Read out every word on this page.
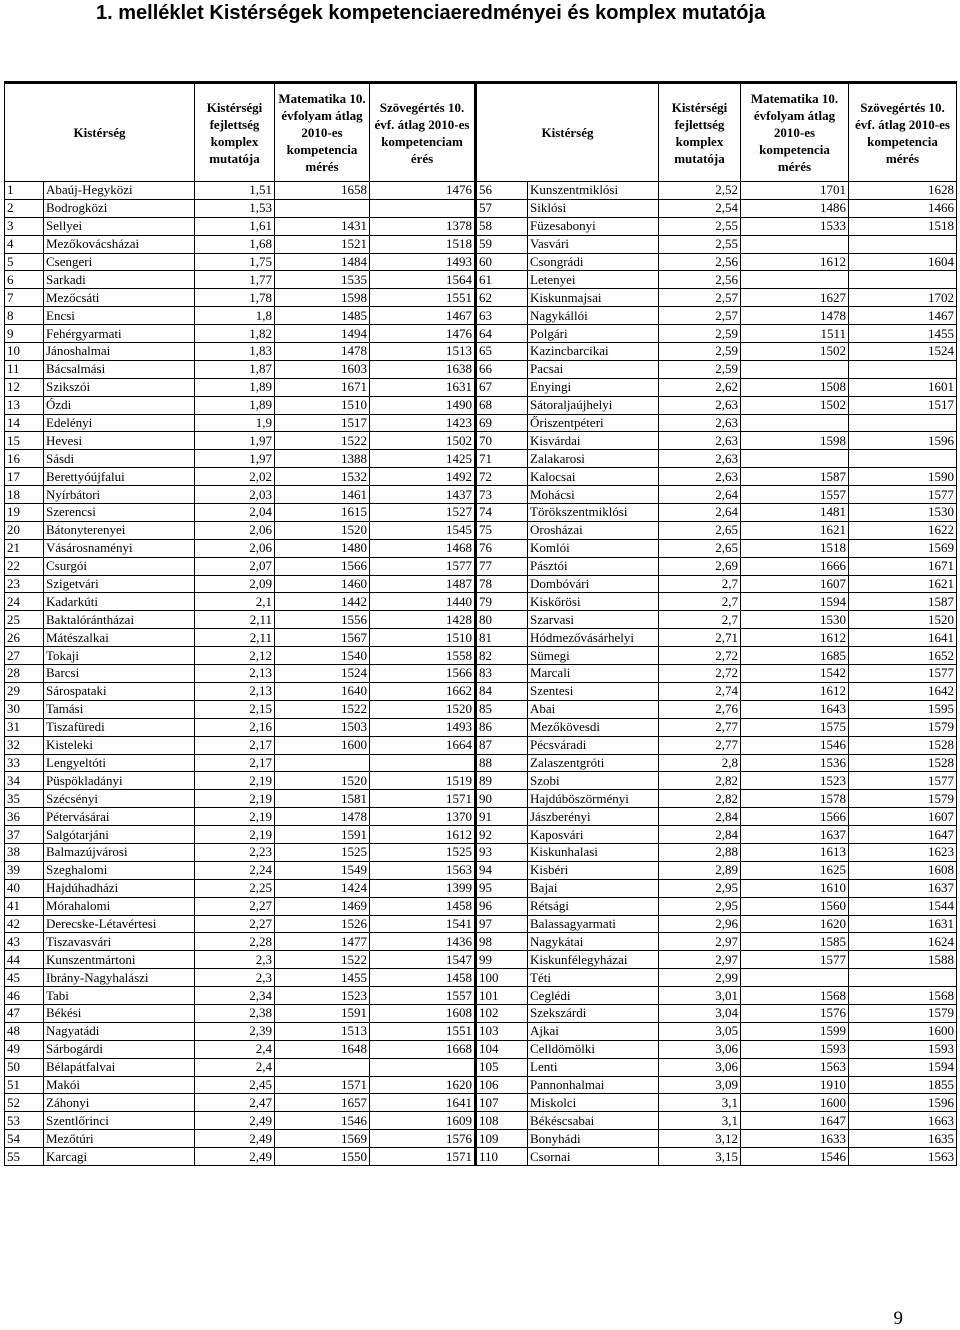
1. melléklet Kistérségek kompetenciaeredményei és komplex mutatója
Kistérség		Kistérségi fejlettség komplex mutatója	Matematika 10. évfolyam átlag 2010-es kompetencia mérés	Szövegértés 10. évf. átlag 2010-es kompetenciam érés	Kistérség		Kistérségi fejlettség komplex mutatója	Matematika 10. évfolyam átlag 2010-es kompetencia mérés	Szövegértés 10. évf. átlag 2010-es kompetencia mérés
1	Abaúj-Hegyközi	1,51	1658	1476	56	Kunszentmiklósi	2,52	1701	1628
2	Bodrogközi	1,53			57	Siklósi	2,54	1486	1466
3	Sellyei	1,61	1431	1378	58	Füzesabonyi	2,55	1533	1518
4	Mezőkovácsházai	1,68	1521	1518	59	Vasvári	2,55		
5	Csengeri	1,75	1484	1493	60	Csongrádi	2,56	1612	1604
6	Sarkadi	1,77	1535	1564	61	Letenyei	2,56		
7	Mezőcsáti	1,78	1598	1551	62	Kiskunmajsai	2,57	1627	1702
8	Encsi	1,8	1485	1467	63	Nagykállói	2,57	1478	1467
9	Fehérgyarmati	1,82	1494	1476	64	Polgári	2,59	1511	1455
10	Jánoshalmai	1,83	1478	1513	65	Kazincbarcikai	2,59	1502	1524
11	Bácsalmási	1,87	1603	1638	66	Pacsai	2,59		
12	Szikszói	1,89	1671	1631	67	Enyingi	2,62	1508	1601
13	Ózdi	1,89	1510	1490	68	Sátoraljaújhelyi	2,63	1502	1517
14	Edelényi	1,9	1517	1423	69	Őriszentpéteri	2,63		
15	Hevesi	1,97	1522	1502	70	Kisvárdai	2,63	1598	1596
16	Sásdi	1,97	1388	1425	71	Zalakarosi	2,63		
17	Berettyóújfalui	2,02	1532	1492	72	Kalocsai	2,63	1587	1590
18	Nyírbátori	2,03	1461	1437	73	Mohácsi	2,64	1557	1577
19	Szerencsi	2,04	1615	1527	74	Törökszentmiklósi	2,64	1481	1530
20	Bátonyterenyei	2,06	1520	1545	75	Orosházai	2,65	1621	1622
21	Vásárosnaményi	2,06	1480	1468	76	Komlói	2,65	1518	1569
22	Csurgói	2,07	1566	1577	77	Pásztói	2,69	1666	1671
23	Szigetvári	2,09	1460	1487	78	Dombóvári	2,7	1607	1621
24	Kadarkúti	2,1	1442	1440	79	Kiskőrösi	2,7	1594	1587
25	Baktalórántházai	2,11	1556	1428	80	Szarvasi	2,7	1530	1520
26	Mátészalkai	2,11	1567	1510	81	Hódmezővásárhelyi	2,71	1612	1641
27	Tokaji	2,12	1540	1558	82	Sümegi	2,72	1685	1652
28	Barcsi	2,13	1524	1566	83	Marcali	2,72	1542	1577
29	Sárospataki	2,13	1640	1662	84	Szentesi	2,74	1612	1642
30	Tamási	2,15	1522	1520	85	Abai	2,76	1643	1595
31	Tiszafüredi	2,16	1503	1493	86	Mezőkövesdi	2,77	1575	1579
32	Kisteleki	2,17	1600	1664	87	Pécsváradi	2,77	1546	1528
33	Lengyeltóti	2,17			88	Zalaszentgróti	2,8	1536	1528
34	Püspökladányi	2,19	1520	1519	89	Szobi	2,82	1523	1577
35	Szécsényi	2,19	1581	1571	90	Hajdúböszörményi	2,82	1578	1579
36	Pétervásárai	2,19	1478	1370	91	Jászberényi	2,84	1566	1607
37	Salgótarjáni	2,19	1591	1612	92	Kaposvári	2,84	1637	1647
38	Balmazújvárosi	2,23	1525	1525	93	Kiskunhalasi	2,88	1613	1623
39	Szeghalomi	2,24	1549	1563	94	Kisbéri	2,89	1625	1608
40	Hajdúhadházi	2,25	1424	1399	95	Bajai	2,95	1610	1637
41	Mórahalomi	2,27	1469	1458	96	Rétsági	2,95	1560	1544
42	Derecske-Létavértesi	2,27	1526	1541	97	Balassagyarmati	2,96	1620	1631
43	Tiszavasvári	2,28	1477	1436	98	Nagykátai	2,97	1585	1624
44	Kunszentmártoni	2,3	1522	1547	99	Kiskunfélegyházai	2,97	1577	1588
45	Ibrány-Nagyhalászi	2,3	1455	1458	100	Téti	2,99		
46	Tabi	2,34	1523	1557	101	Ceglédi	3,01	1568	1568
47	Békési	2,38	1591	1608	102	Szekszárdi	3,04	1576	1579
48	Nagyatádi	2,39	1513	1551	103	Ajkai	3,05	1599	1600
49	Sárbogárdi	2,4	1648	1668	104	Celldömölki	3,06	1593	1593
50	Bélapátfalvai	2,4			105	Lenti	3,06	1563	1594
51	Makói	2,45	1571	1620	106	Pannonhalmai	3,09	1910	1855
52	Záhonyi	2,47	1657	1641	107	Miskolci	3,1	1600	1596
53	Szentlőrinci	2,49	1546	1609	108	Békéscsabai	3,1	1647	1663
54	Mezőtúri	2,49	1569	1576	109	Bonyhádi	3,12	1633	1635
55	Karcagi	2,49	1550	1571	110	Csornai	3,15	1546	1563
9
